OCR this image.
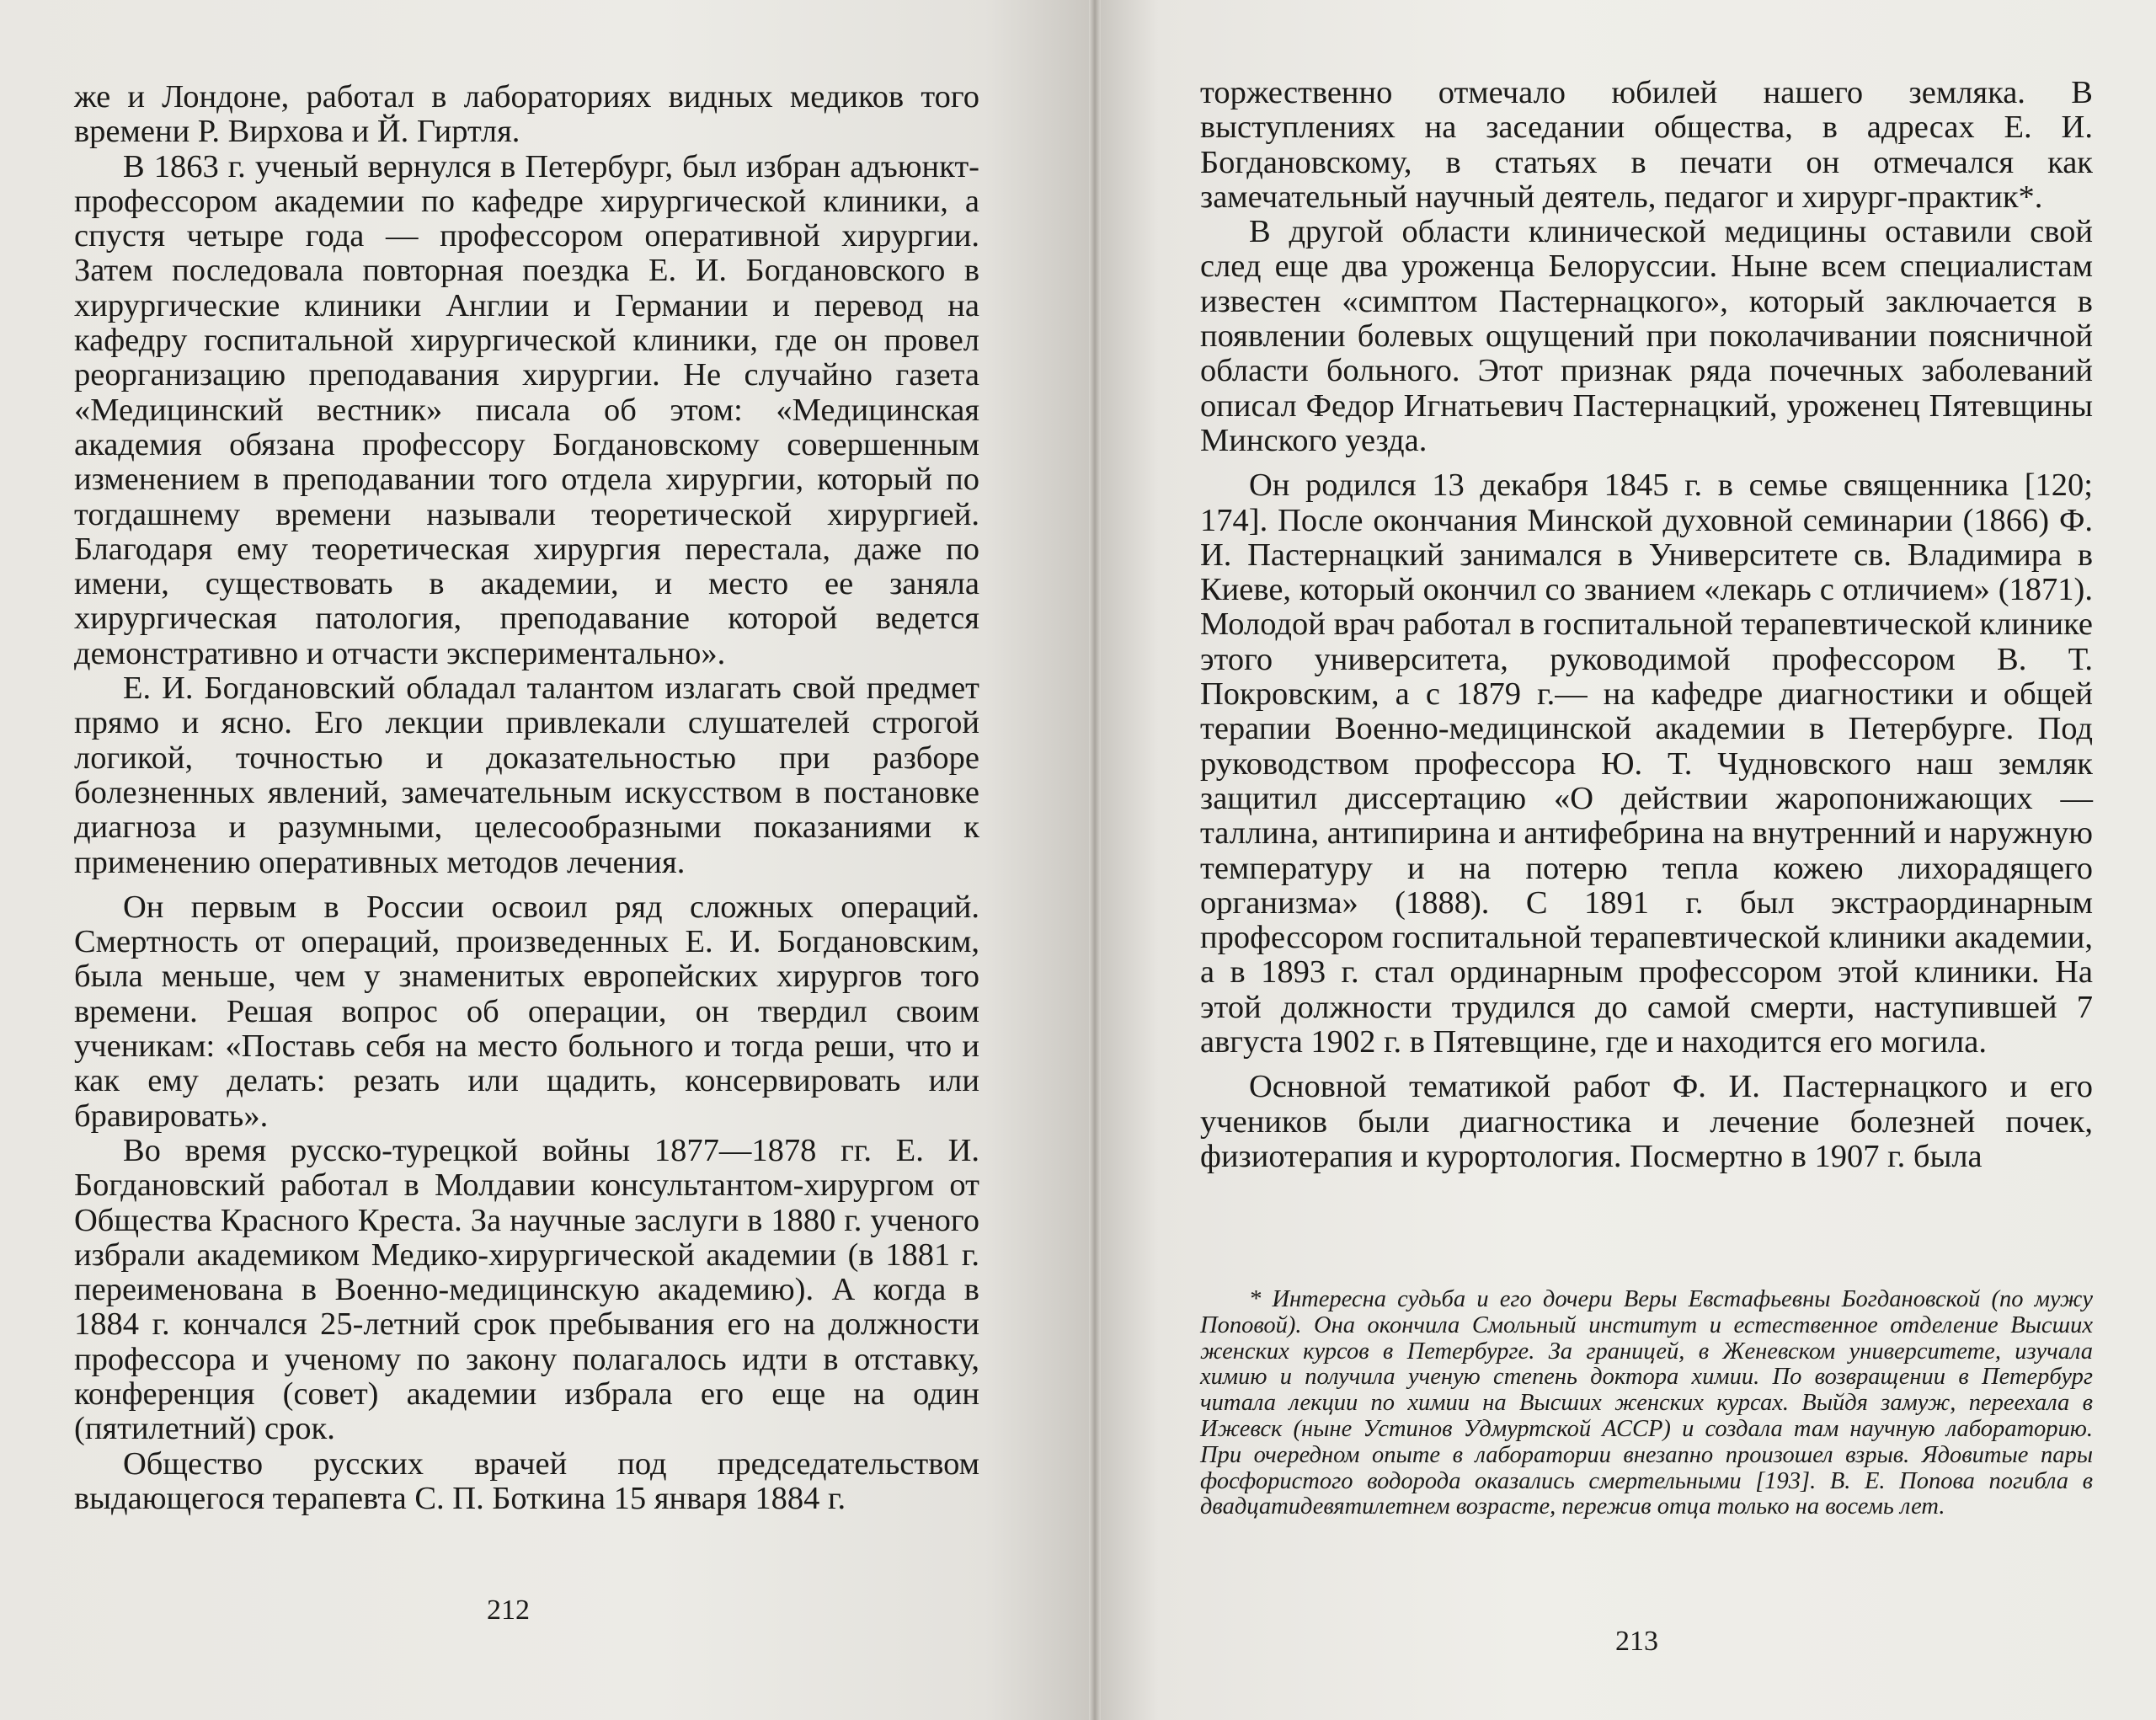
же и Лондоне, работал в лабораториях видных медиков того времени Р. Вирхова и Й. Гиртля.

В 1863 г. ученый вернулся в Петербург, был избран адъюнкт-профессором академии по кафедре хирургической клиники, а спустя четыре года — профессором оперативной хирургии. Затем последовала повторная поездка Е. И. Богдановского в хирургические клиники Англии и Германии и перевод на кафедру госпитальной хирургической клиники, где он провел реорганизацию преподавания хирургии. Не случайно газета «Медицинский вестник» писала об этом: «Медицинская академия обязана профессору Богдановскому совершенным изменением в преподавании того отдела хирургии, который по тогдашнему времени называли теоретической хирургией. Благодаря ему теоретическая хирургия перестала, даже по имени, существовать в академии, и место ее заняла хирургическая патология, преподавание которой ведется демонстративно и отчасти экспериментально».

Е. И. Богдановский обладал талантом излагать свой предмет прямо и ясно. Его лекции привлекали слушателей строгой логикой, точностью и доказательностью при разборе болезненных явлений, замечательным искусством в постановке диагноза и разумными, целесообразными показаниями к применению оперативных методов лечения.

Он первым в России освоил ряд сложных операций. Смертность от операций, произведенных Е. И. Богдановским, была меньше, чем у знаменитых европейских хирургов того времени. Решая вопрос об операции, он твердил своим ученикам: «Поставь себя на место больного и тогда реши, что и как ему делать: резать или щадить, консервировать или бравировать».

Во время русско-турецкой войны 1877—1878 гг. Е. И. Богдановский работал в Молдавии консультантом-хирургом от Общества Красного Креста. За научные заслуги в 1880 г. ученого избрали академиком Медико-хирургической академии (в 1881 г. переименована в Военно-медицинскую академию). А когда в 1884 г. кончался 25-летний срок пребывания его на должности профессора и ученому по закону полагалось идти в отставку, конференция (совет) академии избрала его еще на один (пятилетний) срок.

Общество русских врачей под председательством выдающегося терапевта С. П. Боткина 15 января 1884 г.

212

торжественно отмечало юбилей нашего земляка. В выступлениях на заседании общества, в адресах Е. И. Богдановскому, в статьях в печати он отмечался как замечательный научный деятель, педагог и хирург-практик*.

В другой области клинической медицины оставили свой след еще два уроженца Белоруссии. Ныне всем специалистам известен «симптом Пастернацкого», который заключается в появлении болевых ощущений при поколачивании поясничной области больного. Этот признак ряда почечных заболеваний описал Федор Игнатьевич Пастернацкий, уроженец Пятевщины Минского уезда.

Он родился 13 декабря 1845 г. в семье священника [120; 174]. После окончания Минской духовной семинарии (1866) Ф. И. Пастернацкий занимался в Университете св. Владимира в Киеве, который окончил со званием «лекарь с отличием» (1871). Молодой врач работал в госпитальной терапевтической клинике этого университета, руководимой профессором В. Т. Покровским, а с 1879 г.— на кафедре диагностики и общей терапии Военно-медицинской академии в Петербурге. Под руководством профессора Ю. Т. Чудновского наш земляк защитил диссертацию «О действии жаропонижающих — таллина, антипирина и антифебрина на внутренний и наружную температуру и на потерю тепла кожею лихорадящего организма» (1888). С 1891 г. был экстраординарным профессором госпитальной терапевтической клиники академии, а в 1893 г. стал ординарным профессором этой клиники. На этой должности трудился до самой смерти, наступившей 7 августа 1902 г. в Пятевщине, где и находится его могила.

Основной тематикой работ Ф. И. Пастернацкого и его учеников были диагностика и лечение болезней почек, физиотерапия и курортология. Посмертно в 1907 г. была

* Интересна судьба и его дочери Веры Евстафьевны Богдановской (по мужу Поповой). Она окончила Смольный институт и естественное отделение Высших женских курсов в Петербурге. За границей, в Женевском университете, изучала химию и получила ученую степень доктора химии. По возвращении в Петербург читала лекции по химии на Высших женских курсах. Выйдя замуж, переехала в Ижевск (ныне Устинов Удмуртской АССР) и создала там научную лабораторию. При очередном опыте в лаборатории внезапно произошел взрыв. Ядовитые пары фосфористого водорода оказались смертельными [193]. В. Е. Попова погибла в двадцатидевятилетнем возрасте, пережив отца только на восемь лет.
213
